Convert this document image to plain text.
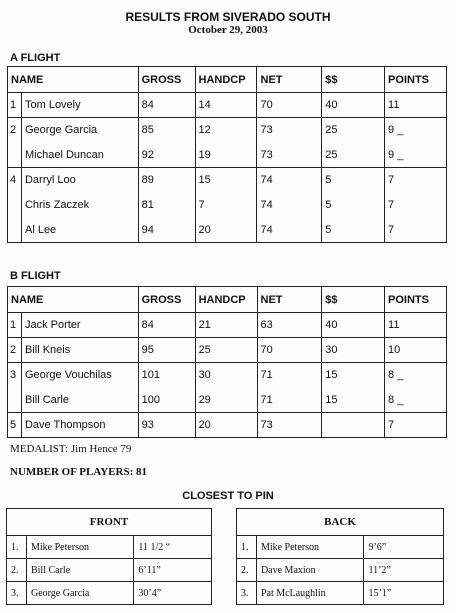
RESULTS FROM SIVERADO SOUTH
October 29, 2003
A FLIGHT
NAME		GROSS	HANDCP	NET	$$	POINTS
1	Tom Lovely	84	14	70	40	11
2	George Garcia	85	12	73	25	9 _
	Michael Duncan	92	19	73	25	9 _
4	Darryl Loo	89	15	74	5	7
	Chris Zaczek	81	7	74	5	7
	Al Lee	94	20	74	5	7
B FLIGHT
NAME		GROSS	HANDCP	NET	$$	POINTS
1	Jack Porter	84	21	63	40	11
2	Bill Kneis	95	25	70	30	10
3	George Vouchilas	101	30	71	15	8 _
	Bill Carle	100	29	71	15	8 _
5	Dave Thompson	93	20	73		7
MEDALIST: Jim Hence 79
NUMBER OF PLAYERS: 81
CLOSEST TO PIN
FRONT		
1.	Mike Peterson	11 1/2 “
2.	Bill Carle	6’11”
3.	George Garcia	30’4”
BACK		
1.	Mike Peterson	9’6”
2.	Dave Maxion	11’2”
3.	Pat McLaughlin	15’1”
